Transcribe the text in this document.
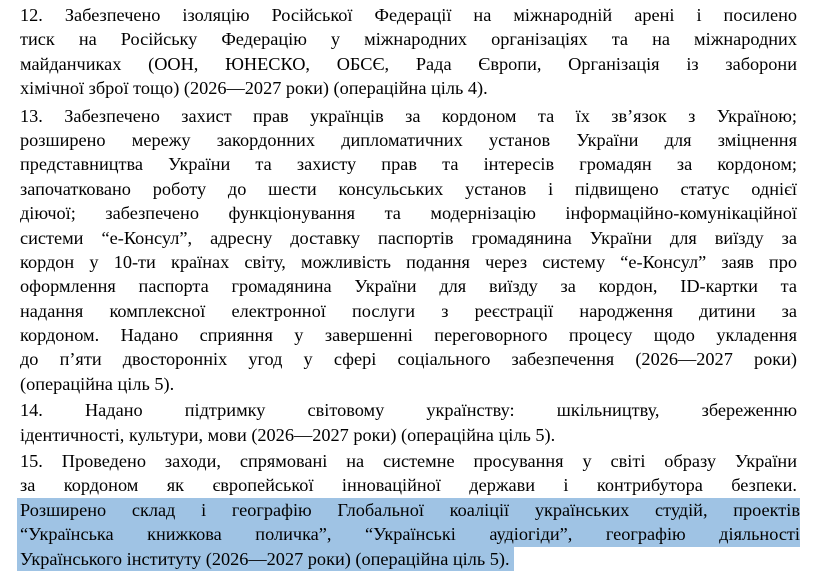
12. Забезпечено ізоляцію Російської Федерації на міжнародній арені і посилено
тиск на Російську Федерацію у міжнародних організаціях та на міжнародних
майданчиках (ООН, ЮНЕСКО, ОБСЄ, Рада Європи, Організація із заборони
хімічної зброї тощо) (2026—2027 роки) (операційна ціль 4).
13. Забезпечено захист прав українців за кордоном та їх зв’язок з Україною;
розширено мережу закордонних дипломатичних установ України для зміцнення
представництва України та захисту прав та інтересів громадян за кордоном;
започатковано роботу до шести консульських установ і підвищено статус однієї
діючої; забезпечено функціонування та модернізацію інформаційно-комунікаційної
системи “е-Консул”, адресну доставку паспортів громадянина України для виїзду за
кордон у 10-ти країнах світу, можливість подання через систему “е-Консул” заяв про
оформлення паспорта громадянина України для виїзду за кордон, ID-картки та
надання комплексної електронної послуги з реєстрації народження дитини за
кордоном. Надано сприяння у завершенні переговорного процесу щодо укладення
до п’яти двосторонніх угод у сфері соціального забезпечення (2026—2027 роки)
(операційна ціль 5).
14. Надано підтримку світовому українству: шкільництву, збереженню
ідентичності, культури, мови (2026—2027 роки) (операційна ціль 5).
15. Проведено заходи, спрямовані на системне просування у світі образу України
за кордоном як європейської інноваційної держави і контрибутора безпеки.
Розширено склад і географію Глобальної коаліції українських студій, проектів
“Українська книжкова поличка”, “Українські аудіогіди”, географію діяльності
Українського інституту (2026—2027 роки) (операційна ціль 5).
